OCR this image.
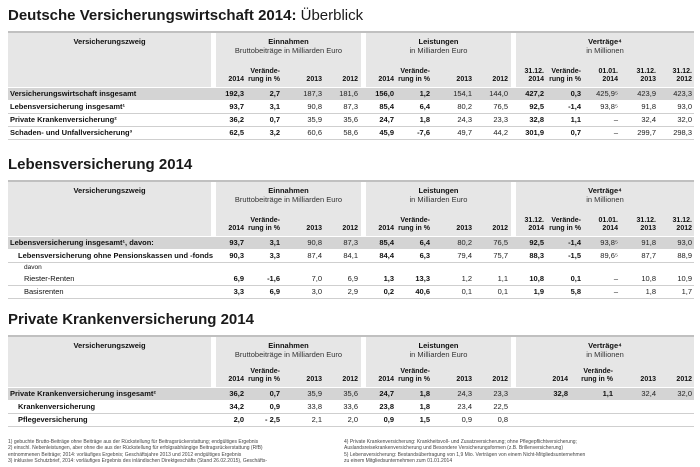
Deutsche Versicherungswirtschaft 2014: Überblick
Versicherungszweig	Einnahmen
Bruttobeiträge in Milliarden Euro
Leistungen
in Milliarden Euro
Verträge⁴
in Millionen
2014
Verände-
rung in %	2013	2012	2014
Verände-
rung in %	2013	2012
31.12.
2014
Verände-
rung in %
01.01.
2014
31.12.
2013
31.12.
2012
Versicherungswirtschaft insgesamt	192,3	2,7	187,3 181,6 156,0	1,2	154,1 144,0 427,2	0,3 425,9⁵	423,9 423,3
Lebensversicherung insgesamt¹	93,7	3,1	90,8	87,3	85,4	6,4	80,2	76,5	92,5	-1,4	93,8⁵	91,8	93,0
Private Krankenversicherung²	36,2	0,7	35,9	35,6	24,7	1,8	24,3	23,3	32,8	1,1	–	32,4	32,0
Schaden- und Unfallversicherung³	62,5	3,2	60,6	58,6	45,9	-7,6	49,7	44,2 301,9	0,7	–	299,7 298,3
Lebensversicherung 2014
Versicherungszweig	Einnahmen
Bruttobeiträge in Milliarden Euro
Leistungen
in Milliarden Euro
Verträge⁴
in Millionen
2014
Verände-
rung in %	2013	2012	2014
Verände-
rung in %	2013	2012
31.12.
2014
Verände-
rung in %
01.01.
2014
31.12.
2013
31.12.
2012
Lebensversicherung insgesamt¹, davon:	93,7	3,1	90,8	87,3	85,4	6,4	80,2	76,5	92,5	-1,4	93,8⁵	91,8	93,0
Lebensversicherung ohne Pensionskassen und -fonds 90,3	3,3	87,4	84,1	84,4	6,3	79,4	75,7	88,3	-1,5	89,6⁵	87,7	88,9
davon
Riester-Renten	6,9	-1,6	7,0	6,9	1,3	13,3	1,2	1,1	10,8	0,1	–	10,8	10,9
Basisrenten	3,3	6,9	3,0	2,9	0,2	40,6	0,1	0,1	1,9	5,8	–	1,8	1,7
Private Krankenversicherung 2014
Versicherungszweig	Einnahmen
Bruttobeiträge in Milliarden Euro
Leistungen
in Milliarden Euro
Verträge⁴
in Millionen
2014
Verände-
rung in %	2013	2012	2014
Verände-
rung in %	2013	2012	2014
Verände-
rung in %	2013	2012
Private Krankenversicherung insgesamt²	36,2	0,7	35,9	35,6	24,7	1,8	24,3	23,3	32,8	1,1	32,4	32,0
Krankenversicherung	34,2	0,9	33,8	33,6	23,8	1,8	23,4	22,5
Pflegeversicherung	2,0	- 2,5	2,1	2,0	0,9	1,5	0,9	0,8
1) gebuchte Brutto-Beiträge ohne Beiträge aus der Rückstellung für Beitragsrückerstattung; endgültiges Ergebnis
2) einschl. Nebenleistungen, aber ohne die aus der Rückstellung für erfolgsabhängige Beitragsrückerstattung (RfB)
entnommenen Beiträge; 2014: vorläufiges Ergebnis; Geschäftsjahre 2013 und 2012 endgültiges Ergebnis
3) inklusive Schutzbrief, 2014: vorläufiges Ergebnis des inländischen Direktgeschäfts (Stand 26.02.2015), Geschäfts-
4) Private Krankenversicherung: Krankheitsvoll- und Zusatzversicherung; ohne Pflegepflichtversicherung;
Auslandsreisekrankenversicherung und Besondere Versicherungsformen (z.B. Brillenversicherung)
5) Lebensversicherung: Bestandsübertragung von 1,9 Mio. Verträgen von einem Nicht-Mitgliedsunternehmen
zu einem Mitgliedsunternehmen zum 01.01.2014
